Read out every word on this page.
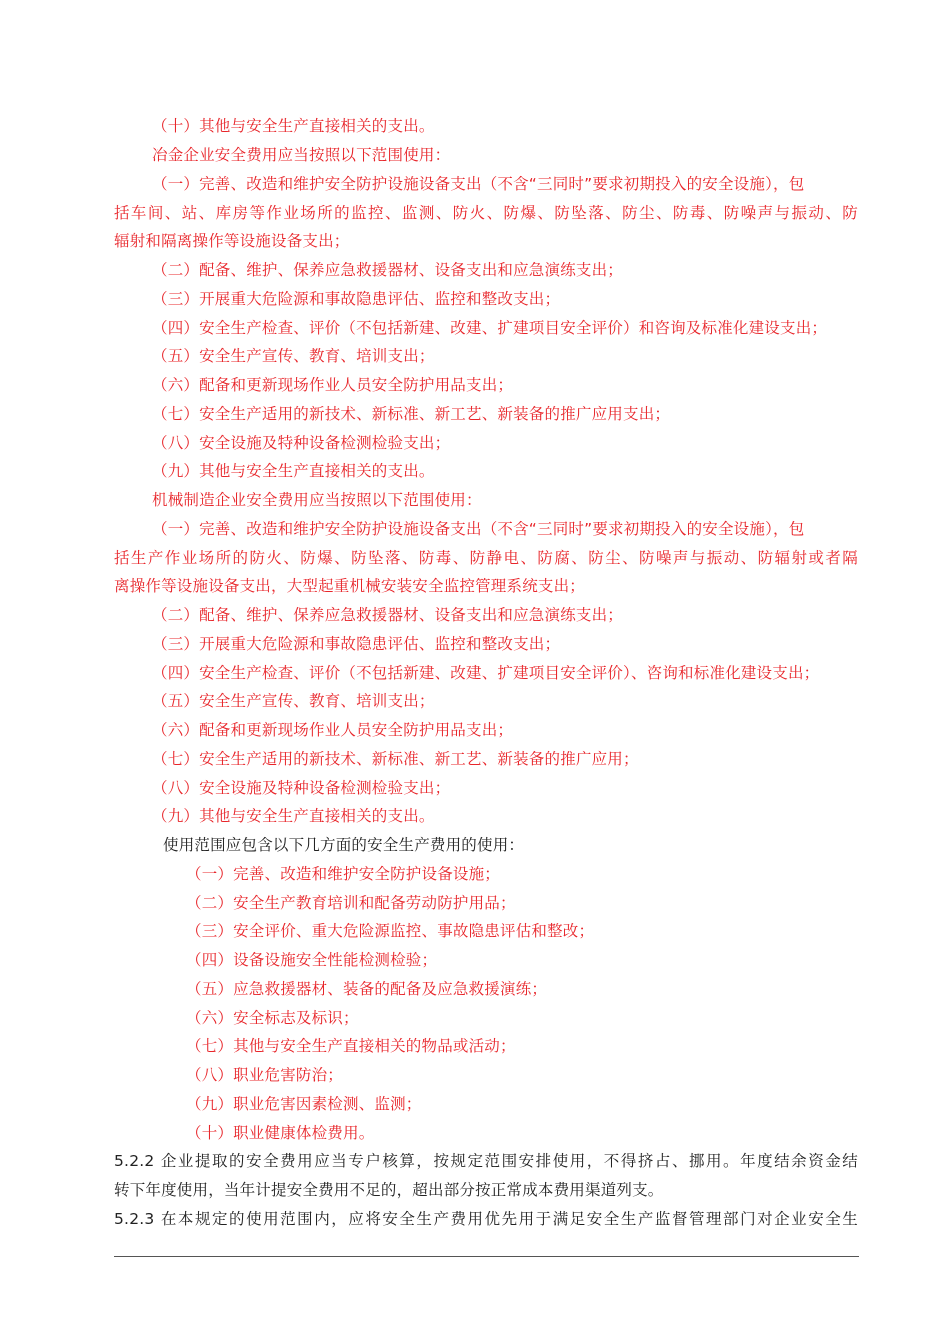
（十）其他与安全生产直接相关的支出。
冶金企业安全费用应当按照以下范围使用：
（一）完善、改造和维护安全防护设施设备支出（不含“三同时”要求初期投入的安全设施），包
括车间、站、库房等作业场所的监控、监测、防火、防爆、防坠落、防尘、防毒、防噪声与振动、防
辐射和隔离操作等设施设备支出；
（二）配备、维护、保养应急救援器材、设备支出和应急演练支出；
（三）开展重大危险源和事故隐患评估、监控和整改支出；
（四）安全生产检查、评价（不包括新建、改建、扩建项目安全评价）和咨询及标准化建设支出；
（五）安全生产宣传、教育、培训支出；
（六）配备和更新现场作业人员安全防护用品支出；
（七）安全生产适用的新技术、新标准、新工艺、新装备的推广应用支出；
（八）安全设施及特种设备检测检验支出；
（九）其他与安全生产直接相关的支出。
机械制造企业安全费用应当按照以下范围使用：
（一）完善、改造和维护安全防护设施设备支出（不含“三同时”要求初期投入的安全设施），包
括生产作业场所的防火、防爆、防坠落、防毒、防静电、防腐、防尘、防噪声与振动、防辐射或者隔
离操作等设施设备支出，大型起重机械安装安全监控管理系统支出；
（二）配备、维护、保养应急救援器材、设备支出和应急演练支出；
（三）开展重大危险源和事故隐患评估、监控和整改支出；
（四）安全生产检查、评价（不包括新建、改建、扩建项目安全评价）、咨询和标准化建设支出；
（五）安全生产宣传、教育、培训支出；
（六）配备和更新现场作业人员安全防护用品支出；
（七）安全生产适用的新技术、新标准、新工艺、新装备的推广应用；
（八）安全设施及特种设备检测检验支出；
（九）其他与安全生产直接相关的支出。
使用范围应包含以下几方面的安全生产费用的使用：
（一）完善、改造和维护安全防护设备设施；
（二）安全生产教育培训和配备劳动防护用品；
（三）安全评价、重大危险源监控、事故隐患评估和整改；
（四）设备设施安全性能检测检验；
（五）应急救援器材、装备的配备及应急救援演练；
（六）安全标志及标识；
（七）其他与安全生产直接相关的物品或活动；
（八）职业危害防治；
（九）职业危害因素检测、监测；
（十）职业健康体检费用。
5.2.2 企业提取的安全费用应当专户核算，按规定范围安排使用，不得挤占、挪用。年度结余资金结
转下年度使用，当年计提安全费用不足的，超出部分按正常成本费用渠道列支。
5.2.3 在本规定的使用范围内，应将安全生产费用优先用于满足安全生产监督管理部门对企业安全生
